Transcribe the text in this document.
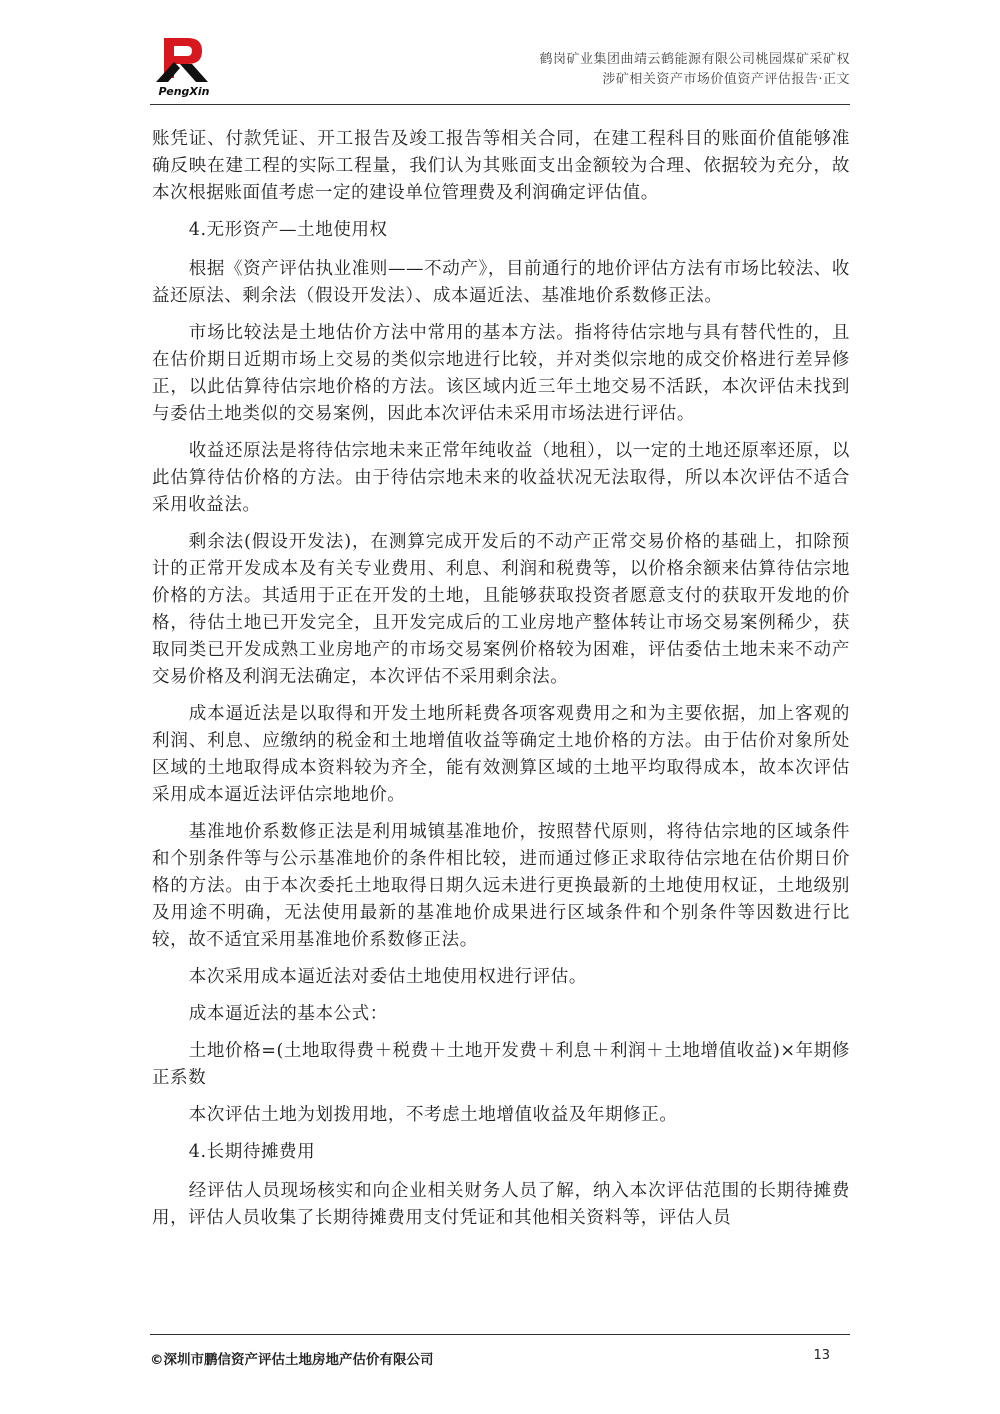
PengXin
鹤岗矿业集团曲靖云鹤能源有限公司桃园煤矿采矿权
涉矿相关资产市场价值资产评估报告·正文

账凭证、付款凭证、开工报告及竣工报告等相关合同，在建工程科目的账面价值能够准确反映在建工程的实际工程量，我们认为其账面支出金额较为合理、依据较为充分，故本次根据账面值考虑一定的建设单位管理费及利润确定评估值。

4.无形资产—土地使用权

根据《资产评估执业准则——不动产》，目前通行的地价评估方法有市场比较法、收益还原法、剩余法（假设开发法）、成本逼近法、基准地价系数修正法。

市场比较法是土地估价方法中常用的基本方法。指将待估宗地与具有替代性的，且在估价期日近期市场上交易的类似宗地进行比较，并对类似宗地的成交价格进行差异修正，以此估算待估宗地价格的方法。该区域内近三年土地交易不活跃，本次评估未找到与委估土地类似的交易案例，因此本次评估未采用市场法进行评估。

收益还原法是将待估宗地未来正常年纯收益（地租），以一定的土地还原率还原，以此估算待估价格的方法。由于待估宗地未来的收益状况无法取得，所以本次评估不适合采用收益法。

剩余法(假设开发法)，在测算完成开发后的不动产正常交易价格的基础上，扣除预计的正常开发成本及有关专业费用、利息、利润和税费等，以价格余额来估算待估宗地价格的方法。其适用于正在开发的土地，且能够获取投资者愿意支付的获取开发地的价格，待估土地已开发完全，且开发完成后的工业房地产整体转让市场交易案例稀少，获取同类已开发成熟工业房地产的市场交易案例价格较为困难，评估委估土地未来不动产交易价格及利润无法确定，本次评估不采用剩余法。

成本逼近法是以取得和开发土地所耗费各项客观费用之和为主要依据，加上客观的利润、利息、应缴纳的税金和土地增值收益等确定土地价格的方法。由于估价对象所处区域的土地取得成本资料较为齐全，能有效测算区域的土地平均取得成本，故本次评估采用成本逼近法评估宗地地价。

基准地价系数修正法是利用城镇基准地价，按照替代原则，将待估宗地的区域条件和个别条件等与公示基准地价的条件相比较，进而通过修正求取待估宗地在估价期日价格的方法。由于本次委托土地取得日期久远未进行更换最新的土地使用权证，土地级别及用途不明确，无法使用最新的基准地价成果进行区域条件和个别条件等因数进行比较，故不适宜采用基准地价系数修正法。

本次采用成本逼近法对委估土地使用权进行评估。

成本逼近法的基本公式：

土地价格=(土地取得费＋税费＋土地开发费＋利息＋利润＋土地增值收益)×年期修正系数

本次评估土地为划拨用地，不考虑土地增值收益及年期修正。

4.长期待摊费用

经评估人员现场核实和向企业相关财务人员了解，纳入本次评估范围的长期待摊费用，评估人员收集了长期待摊费用支付凭证和其他相关资料等，评估人员

©深圳市鹏信资产评估土地房地产估价有限公司	13
